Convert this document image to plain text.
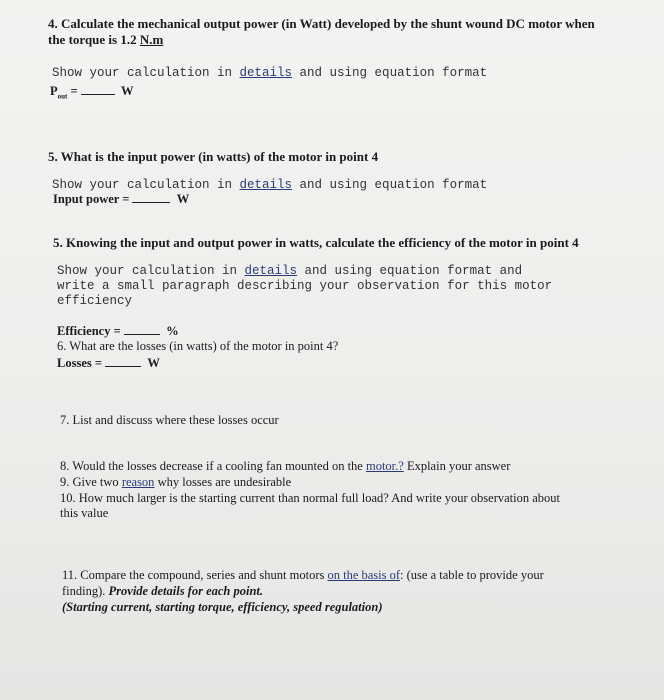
4. Calculate the mechanical output power (in Watt) developed by the shunt wound DC motor when
the torque is 1.2 N.m
Show your calculation in details and using equation format
$P_{out}$ =	W
5. What is the input power (in watts) of the motor in point 4
Show your calculation in details and using equation format
Input power =	W
5. Knowing the input and output power in watts, calculate the efficiency of the motor in point 4
Show your calculation in details and using equation format and
write a small paragraph describing your observation for this motor
efficiency
Efficiency =	%
6. What are the losses (in watts) of the motor in point 4?
Losses =	W
7. List and discuss where these losses occur
8. Would the losses decrease if a cooling fan mounted on the motor.? Explain your answer
9. Give two reason why losses are undesirable
10. How much larger is the starting current than normal full load? And write your observation about
this value
11. Compare the compound, series and shunt motors on the basis of: (use a table to provide your
finding). Provide details for each point.
(Starting current, starting torque, efficiency, speed regulation)
